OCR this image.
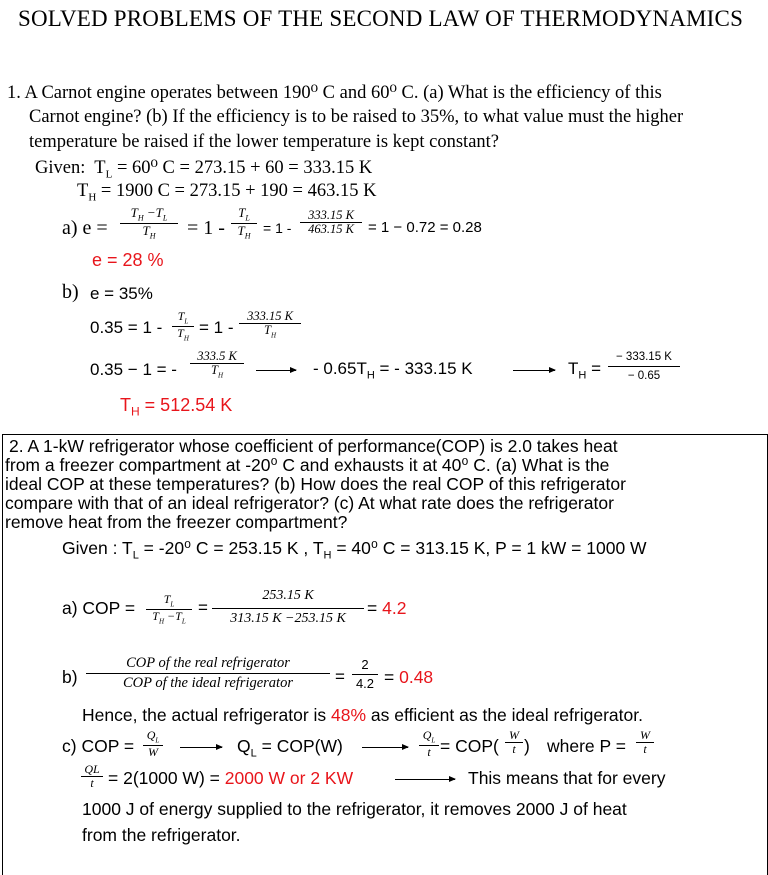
SOLVED PROBLEMS OF THE SECOND LAW OF THERMODYNAMICS
1. A Carnot engine operates between 190⁰ C and 60⁰ C. (a) What is the efficiency of this
Carnot engine? (b) If the efficiency is to be raised to 35%, to what value must the higher
temperature be raised if the lower temperature is kept constant?
Given: $T_L = 60^0$ C = 273.15 + 60 = 333.15 K
$T_H = 1900$ C = 273.15 + 190 = 463.15 K
a) $e = \frac{T_H -T_L}{T_H} = 1 - \frac{T_L}{T_H} = 1 - \frac{333.15 K}{463.15 K} = 1 - 0.72 = 0.28$
e = 28 %
b) e = 35%
$0.35 = 1 - \frac{T_L}{T_H} = 1 - \frac{333.15 K}{T_H}$
0.35 − 1 = - $\frac{333.5 K}{T_H}$	- $0.65T_H$ = - 333.15 K	$T_H = \frac{- 333.15 K}{- 0.65}$
$T_H = 512.54$ K
2. A 1-kW refrigerator whose coefficient of performance(COP) is 2.0 takes heat
from a freezer compartment at -20⁰ C and exhausts it at 40⁰ C. (a) What is the
ideal COP at these temperatures? (b) How does the real COP of this refrigerator
compare with that of an ideal refrigerator? (c) At what rate does the refrigerator
remove heat from the freezer compartment?
Given : $T_L = -20^0$ C = 253.15 K , $T_H = 40^0$ C = 313.15 K, P = 1 kW = 1000 W
a) COP = $\frac{T_L}{T_H -T_L} = \frac{253.15 K}{313.15 K -253.15 K} = 4.2$
b)
COP of the real refrigerator
COP of the ideal refrigerator	= $\frac{2}{4.2} = 0.48$
Hence, the actual refrigerator is 48% as efficient as the ideal refrigerator.
c) COP = $\frac{Q_L}{W}$	$Q_L = COP(W)$	$\frac{Q_L}{t} = COP( \frac{W}{t}$ ) where $P = \frac{W}{t}$
$\frac{QL}{t} = 2(1000$ W) = 2000 W or 2 KW	This means that for every
1000 J of energy supplied to the refrigerator, it removes 2000 J of heat
from the refrigerator.
